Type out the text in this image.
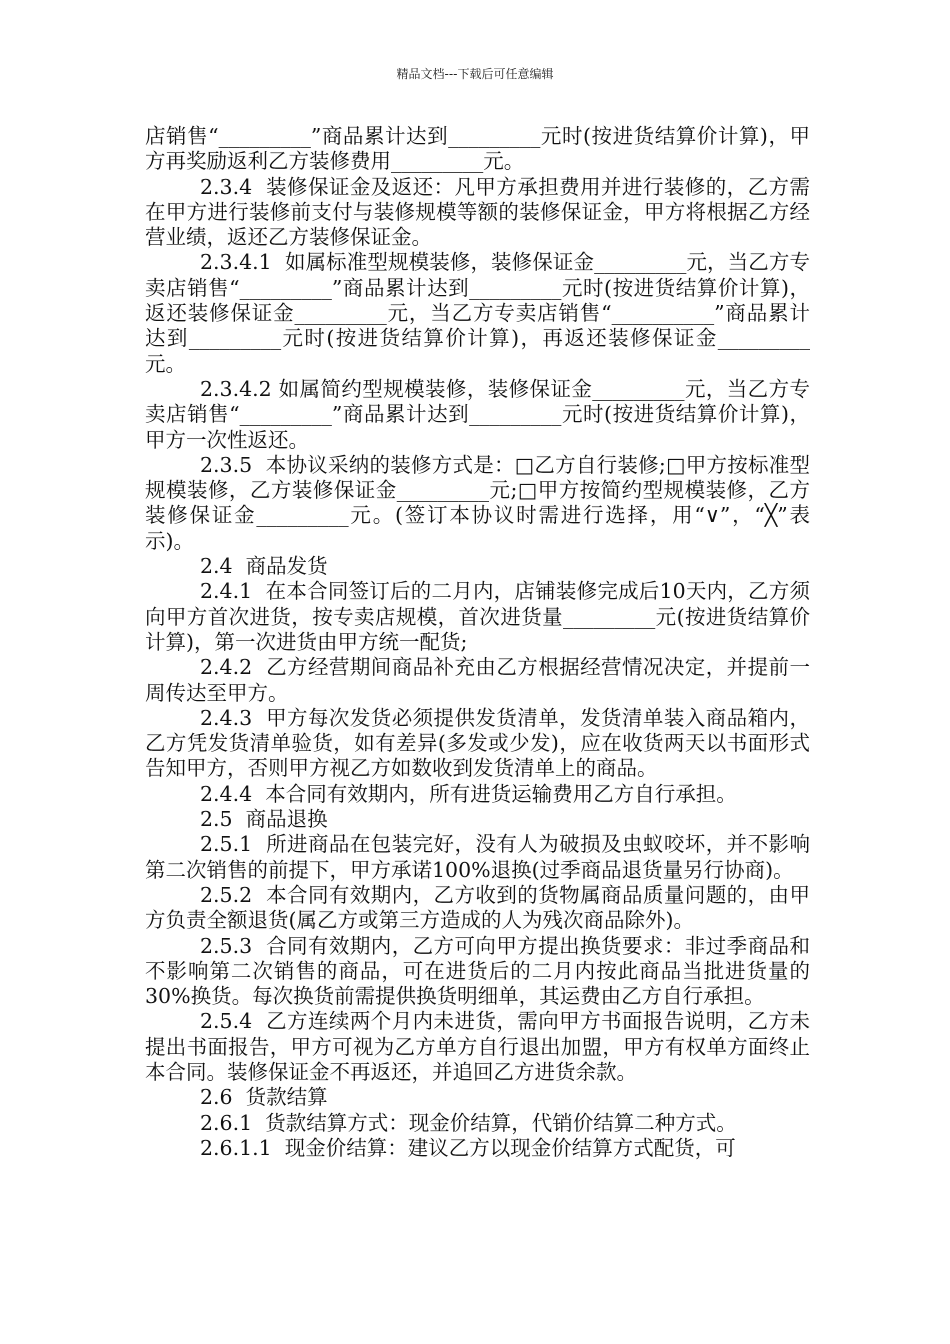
精品文档---下载后可任意编辑

店销售“_________”商品累计达到_________元时(按进货结算价计算)，甲方再奖励返利乙方装修费用_________元。

2.3.4  装修保证金及返还：凡甲方承担费用并进行装修的，乙方需在甲方进行装修前支付与装修规模等额的装修保证金，甲方将根据乙方经营业绩，返还乙方装修保证金。

2.3.4.1  如属标准型规模装修，装修保证金_________元，当乙方专卖店销售“_________”商品累计达到_________元时(按进货结算价计算)，返还装修保证金_________元，当乙方专卖店销售“__________”商品累计达到_________元时(按进货结算价计算)，再返还装修保证金_________元。

2.3.4.2 如属简约型规模装修，装修保证金_________元，当乙方专卖店销售“_________”商品累计达到_________元时(按进货结算价计算)，甲方一次性返还。

2.3.5  本协议采纳的装修方式是：□乙方自行装修;□甲方按标准型规模装修，乙方装修保证金_________元;□甲方按简约型规模装修，乙方装修保证金_________元。(签订本协议时需进行选择，用“∨”，“╳”表示)。

2.4  商品发货

2.4.1  在本合同签订后的二月内，店铺装修完成后10天内，乙方须向甲方首次进货，按专卖店规模，首次进货量_________元(按进货结算价计算)，第一次进货由甲方统一配货;

2.4.2  乙方经营期间商品补充由乙方根据经营情况决定，并提前一周传达至甲方。

2.4.3  甲方每次发货必须提供发货清单，发货清单装入商品箱内，乙方凭发货清单验货，如有差异(多发或少发)，应在收货两天以书面形式告知甲方，否则甲方视乙方如数收到发货清单上的商品。

2.4.4  本合同有效期内，所有进货运输费用乙方自行承担。

2.5  商品退换

2.5.1  所进商品在包装完好，没有人为破损及虫蚁咬坏，并不影响第二次销售的前提下，甲方承诺100%退换(过季商品退货量另行协商)。

2.5.2  本合同有效期内，乙方收到的货物属商品质量问题的，由甲方负责全额退货(属乙方或第三方造成的人为残次商品除外)。

2.5.3  合同有效期内，乙方可向甲方提出换货要求：非过季商品和不影响第二次销售的商品，可在进货后的二月内按此商品当批进货量的30%换货。每次换货前需提供换货明细单，其运费由乙方自行承担。

2.5.4  乙方连续两个月内未进货，需向甲方书面报告说明，乙方未提出书面报告，甲方可视为乙方单方自行退出加盟，甲方有权单方面终止本合同。装修保证金不再返还，并追回乙方进货余款。

2.6  货款结算

2.6.1  货款结算方式：现金价结算，代销价结算二种方式。

2.6.1.1  现金价结算：建议乙方以现金价结算方式配货，可
